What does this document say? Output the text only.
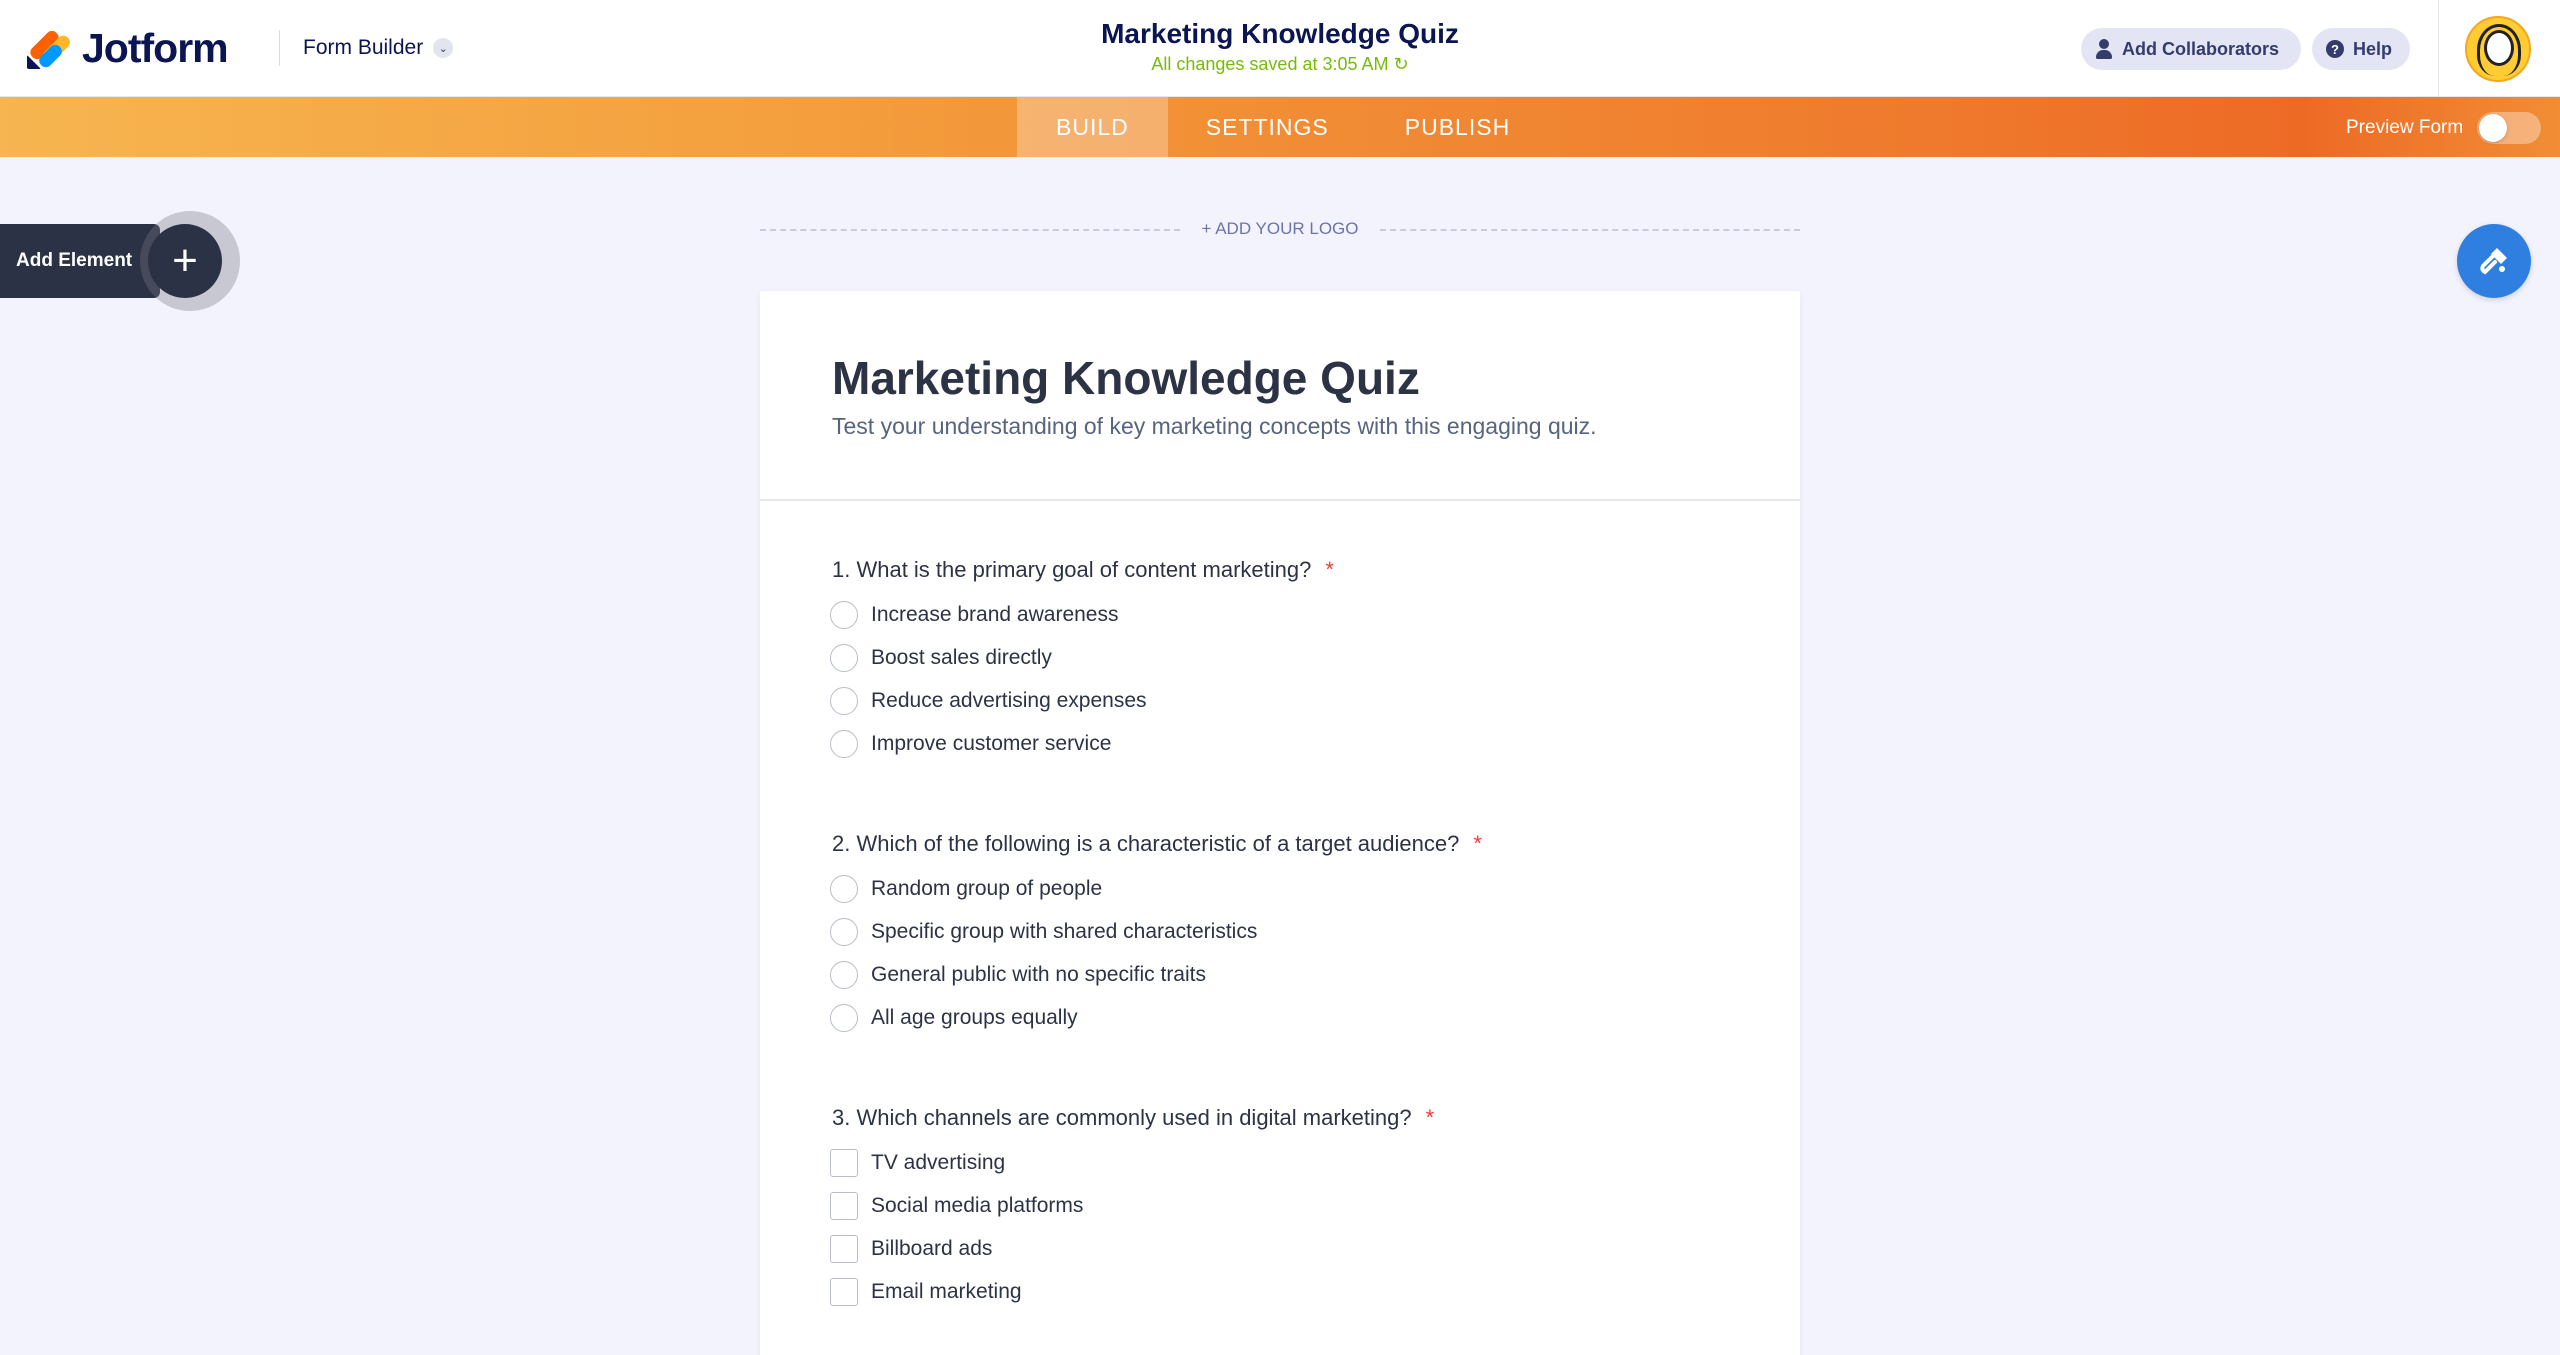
Jotform	Form Builder	⌄	Marketing Knowledge Quiz
All changes saved at 3:05 AM ↻
Add Collaborators	? Help
BUILD	SETTINGS	PUBLISH	Preview Form
Add Element +
+ ADD YOUR LOGO
Marketing Knowledge Quiz
Test your understanding of key marketing concepts with this engaging quiz.
1. What is the primary goal of content marketing? *
Increase brand awareness
Boost sales directly
Reduce advertising expenses
Improve customer service
2. Which of the following is a characteristic of a target audience? *
Random group of people
Specific group with shared characteristics
General public with no specific traits
All age groups equally
3. Which channels are commonly used in digital marketing? *
TV advertising
Social media platforms
Billboard ads
Email marketing
